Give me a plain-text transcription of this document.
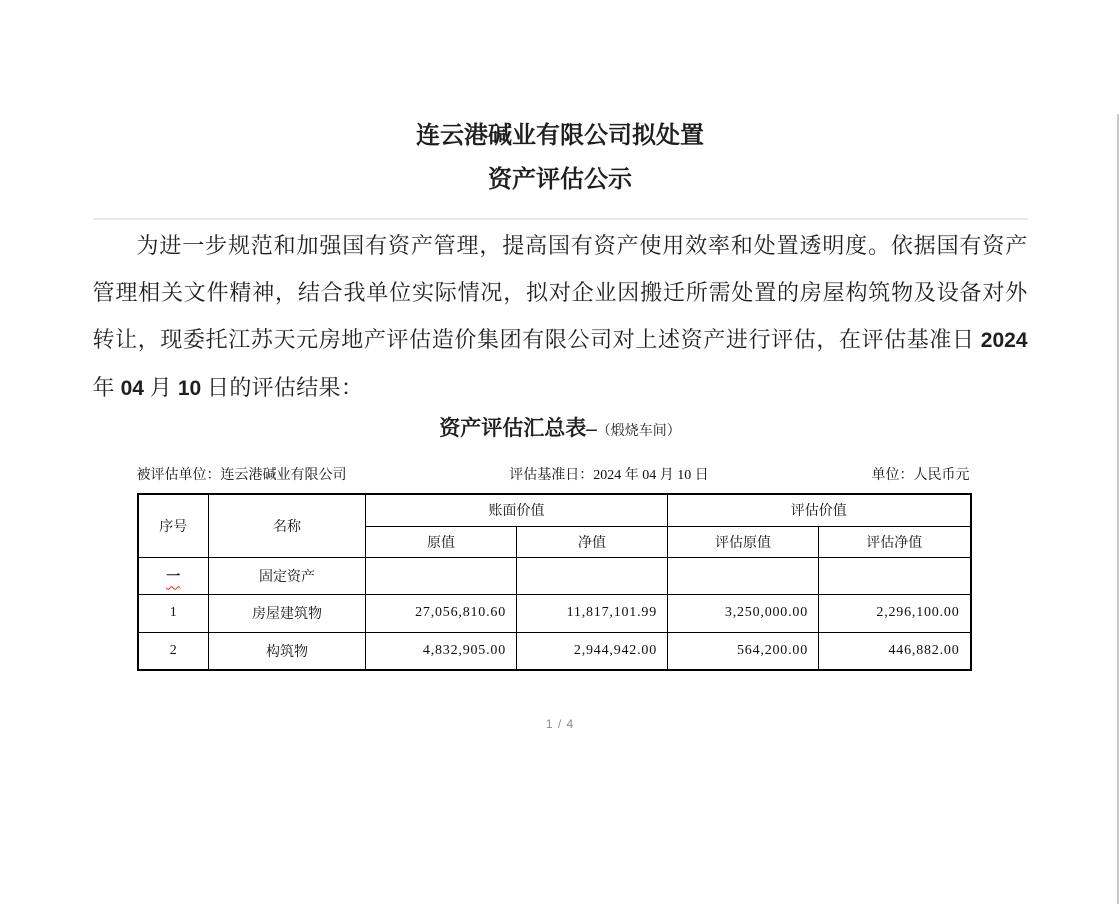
连云港碱业有限公司拟处置
资产评估公示

为进一步规范和加强国有资产管理，提高国有资产使用效率和处置透明度。依据国有资产管理相关文件精神，结合我单位实际情况，拟对企业因搬迁所需处置的房屋构筑物及设备对外转让，现委托江苏天元房地产评估造价集团有限公司对上述资产进行评估，在评估基准日 2024 年 04 月 10 日的评估结果：

资产评估汇总表–（煅烧车间）
被评估单位：连云港碱业有限公司	评估基准日：2024 年 04 月 10 日	单位：人民币元
序号	名称	账面价值		评估价值	
		原值	净值	评估原值	评估净值
一	固定资产				
1	房屋建筑物	27,056,810.60	11,817,101.99	3,250,000.00	2,296,100.00
2	构筑物	4,832,905.00	2,944,942.00	564,200.00	446,882.00
1 / 4
